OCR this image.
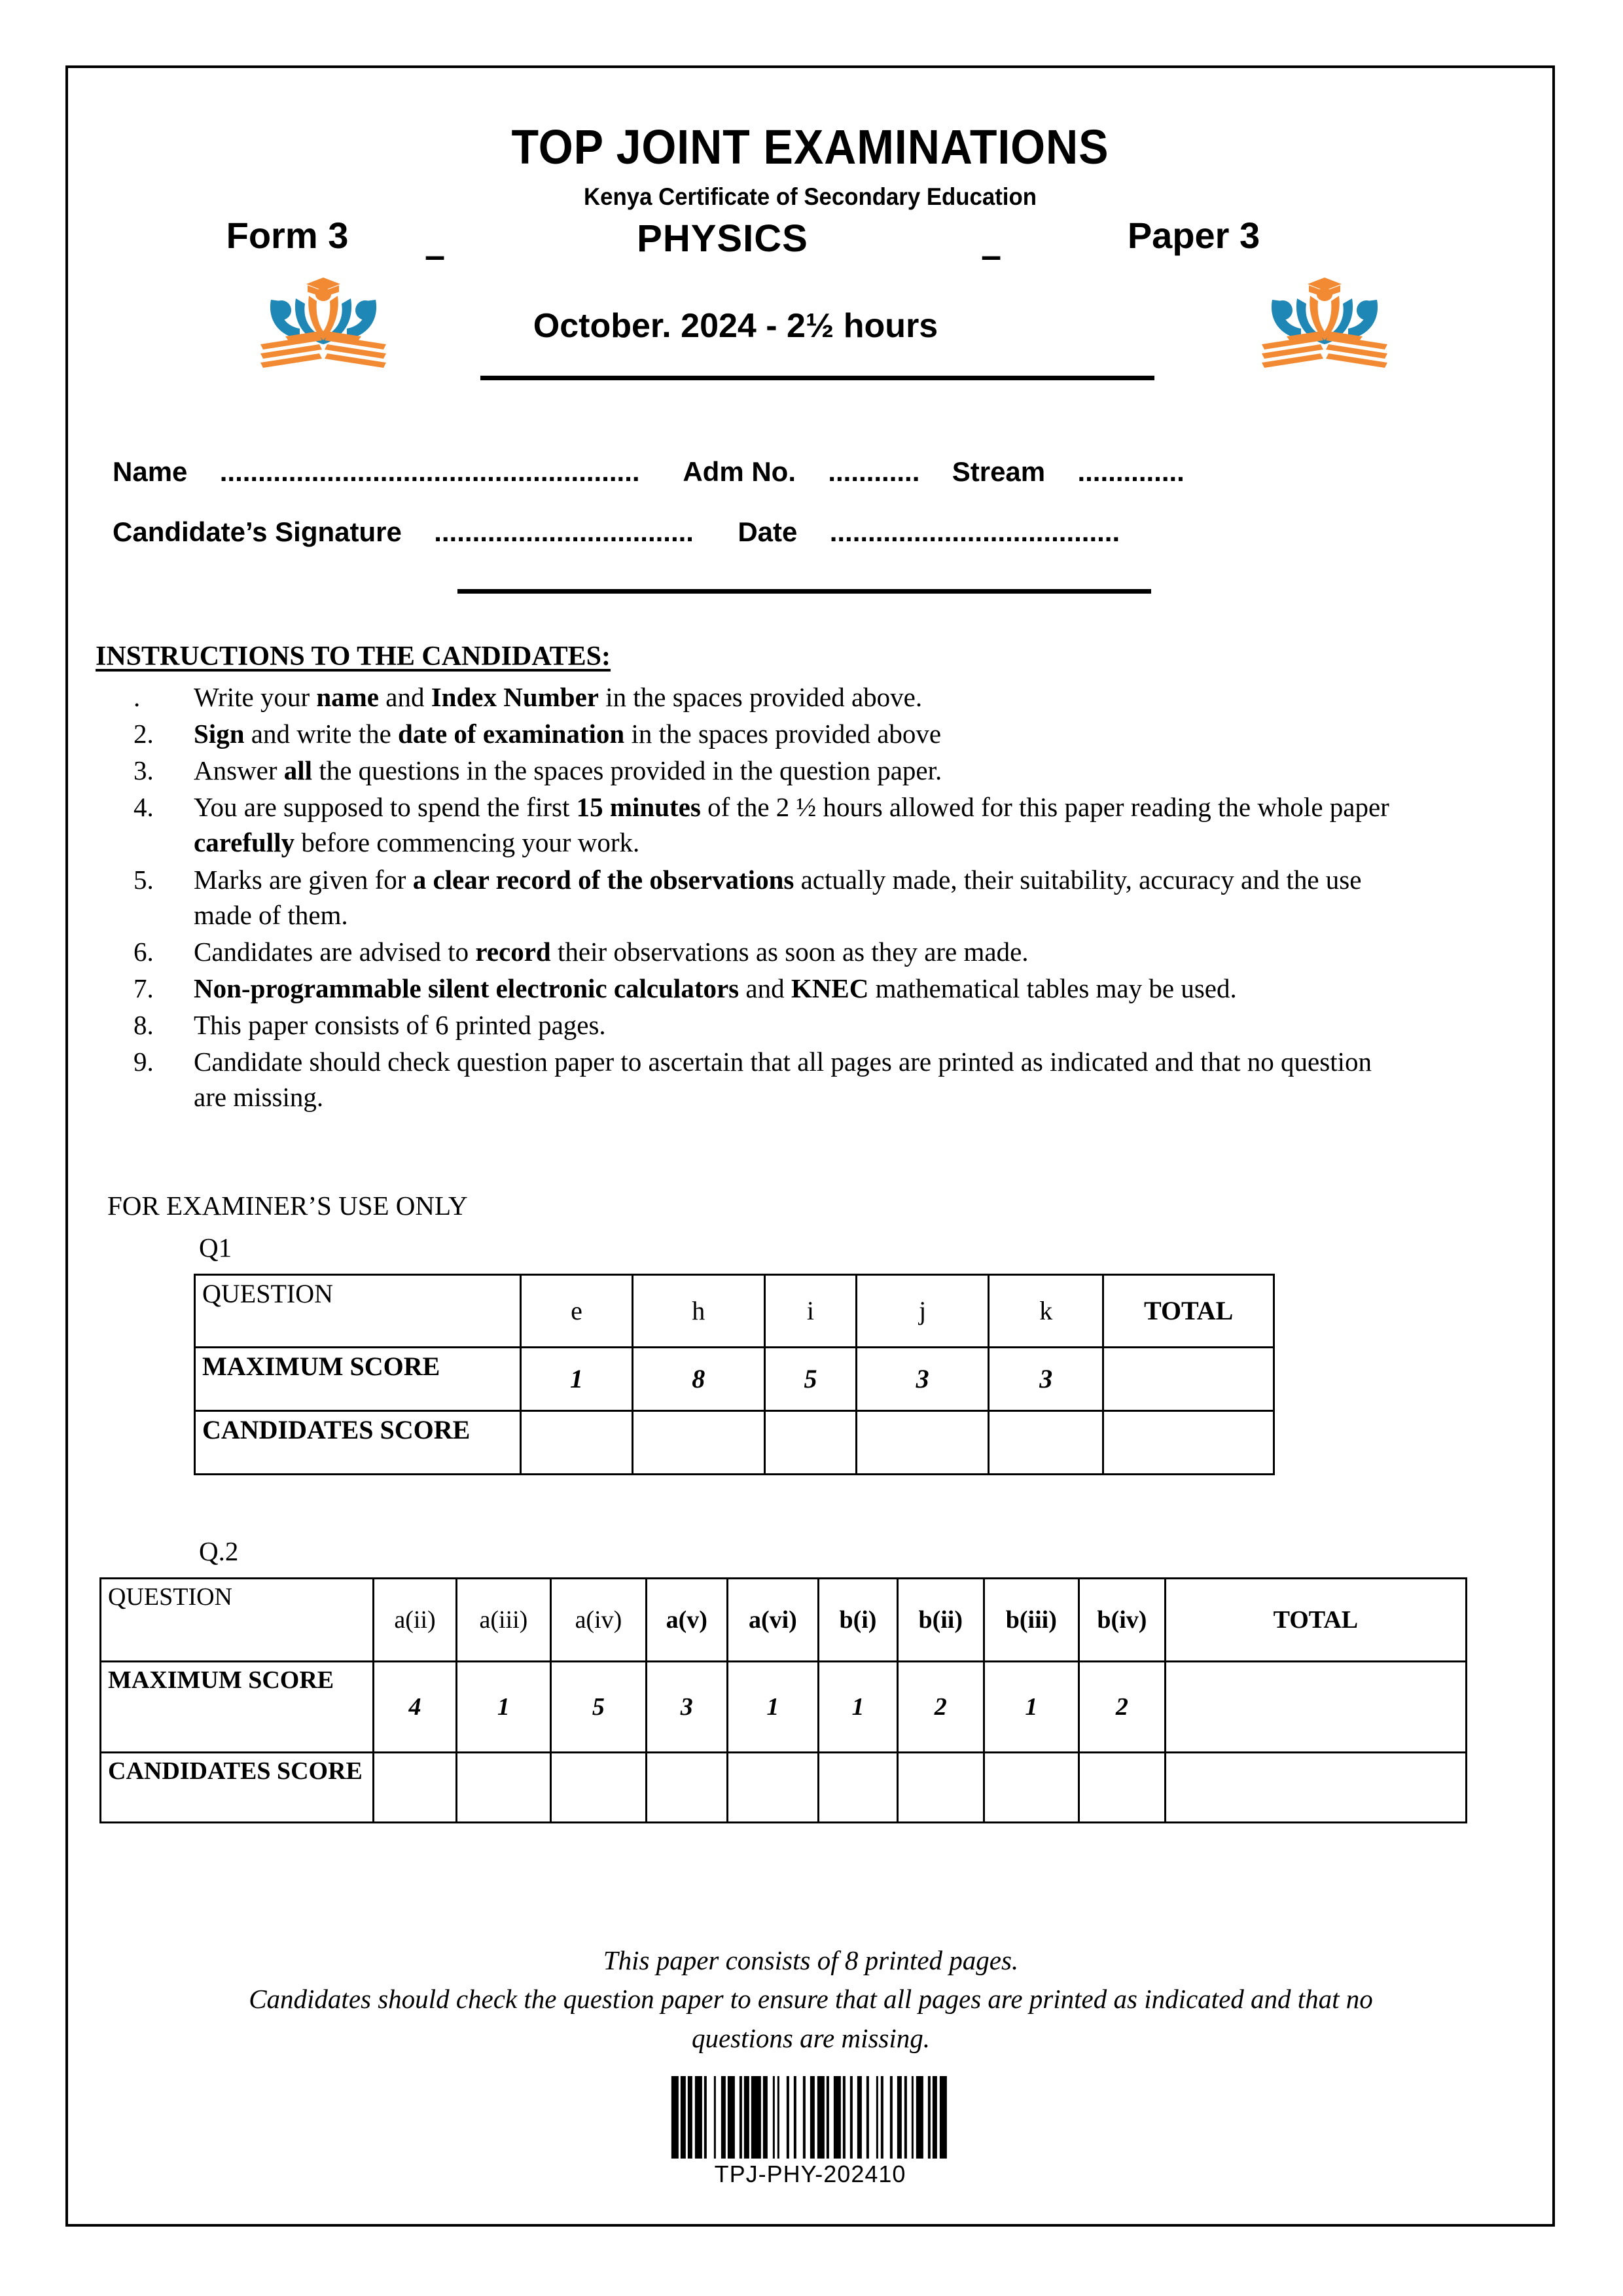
TOP JOINT EXAMINATIONS
Kenya Certificate of Secondary Education
Form 3	–	PHYSICS	–	Paper 3
October. 2024 - 2½ hours
Name ....................................................... Adm No. ............ Stream ..............
Candidate’s Signature .................................. Date ......................................
INSTRUCTIONS TO THE CANDIDATES:
.	Write your name and Index Number in the spaces provided above.
2.	Sign and write the date of examination in the spaces provided above
3.	Answer all the questions in the spaces provided in the question paper.
4.	You are supposed to spend the first 15 minutes of the 2 ½ hours allowed for this paper reading the whole paper carefully before commencing your work.
5.	Marks are given for a clear record of the observations actually made, their suitability, accuracy and the use made of them.
6.	Candidates are advised to record their observations as soon as they are made.
7.	Non-programmable silent electronic calculators and KNEC mathematical tables may be used.
8.	This paper consists of 6 printed pages.
9.	Candidate should check question paper to ascertain that all pages are printed as indicated and that no question are missing.
FOR EXAMINER’S USE ONLY
Q1
QUESTION	e	h	i	j	k	TOTAL
MAXIMUM SCORE	1	8	5	3	3	
CANDIDATES SCORE						
Q.2
QUESTION	a(ii)	a(iii)	a(iv)	a(v)	a(vi)	b(i)	b(ii)	b(iii)	b(iv)	TOTAL
MAXIMUM SCORE	4	1	5	3	1	1	2	1	2	
CANDIDATES SCORE										
This paper consists of 8 printed pages.
Candidates should check the question paper to ensure that all pages are printed as indicated and that no
questions are missing.
TPJ-PHY-202410
